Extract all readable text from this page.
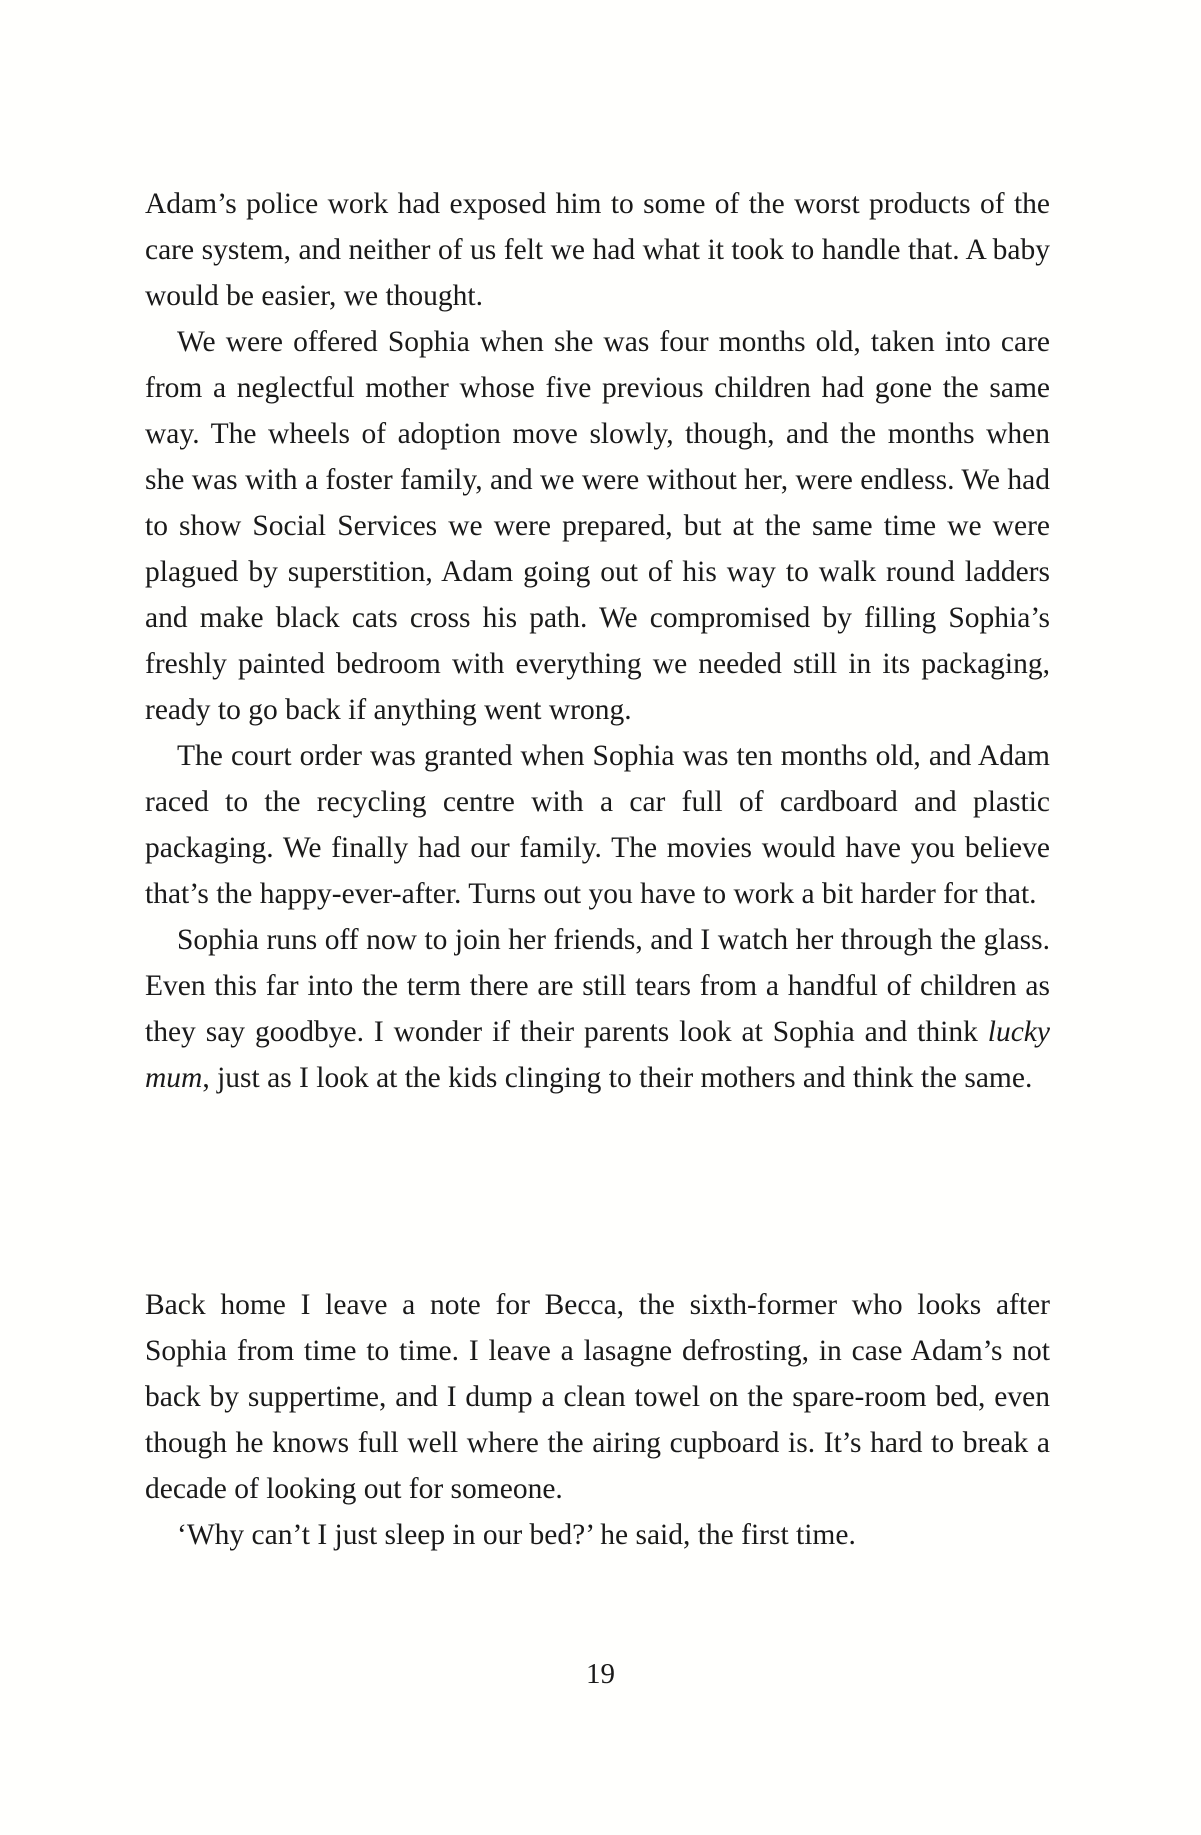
Adam’s police work had exposed him to some of the worst products of the care system, and neither of us felt we had what it took to handle that. A baby would be easier, we thought.

We were offered Sophia when she was four months old, taken into care from a neglectful mother whose five previous children had gone the same way. The wheels of adoption move slowly, though, and the months when she was with a foster family, and we were without her, were endless. We had to show Social Services we were prepared, but at the same time we were plagued by superstition, Adam going out of his way to walk round ladders and make black cats cross his path. We compromised by filling Sophia’s freshly painted bedroom with everything we needed still in its packaging, ready to go back if anything went wrong.

The court order was granted when Sophia was ten months old, and Adam raced to the recycling centre with a car full of cardboard and plastic packaging. We finally had our family. The movies would have you believe that’s the happy-ever-after. Turns out you have to work a bit harder for that.

Sophia runs off now to join her friends, and I watch her through the glass. Even this far into the term there are still tears from a handful of children as they say goodbye. I wonder if their parents look at Sophia and think lucky mum, just as I look at the kids clinging to their mothers and think the same.

Back home I leave a note for Becca, the sixth-former who looks after Sophia from time to time. I leave a lasagne defrosting, in case Adam’s not back by suppertime, and I dump a clean towel on the spare-room bed, even though he knows full well where the airing cupboard is. It’s hard to break a decade of looking out for someone.

‘Why can’t I just sleep in our bed?’ he said, the first time.

19
